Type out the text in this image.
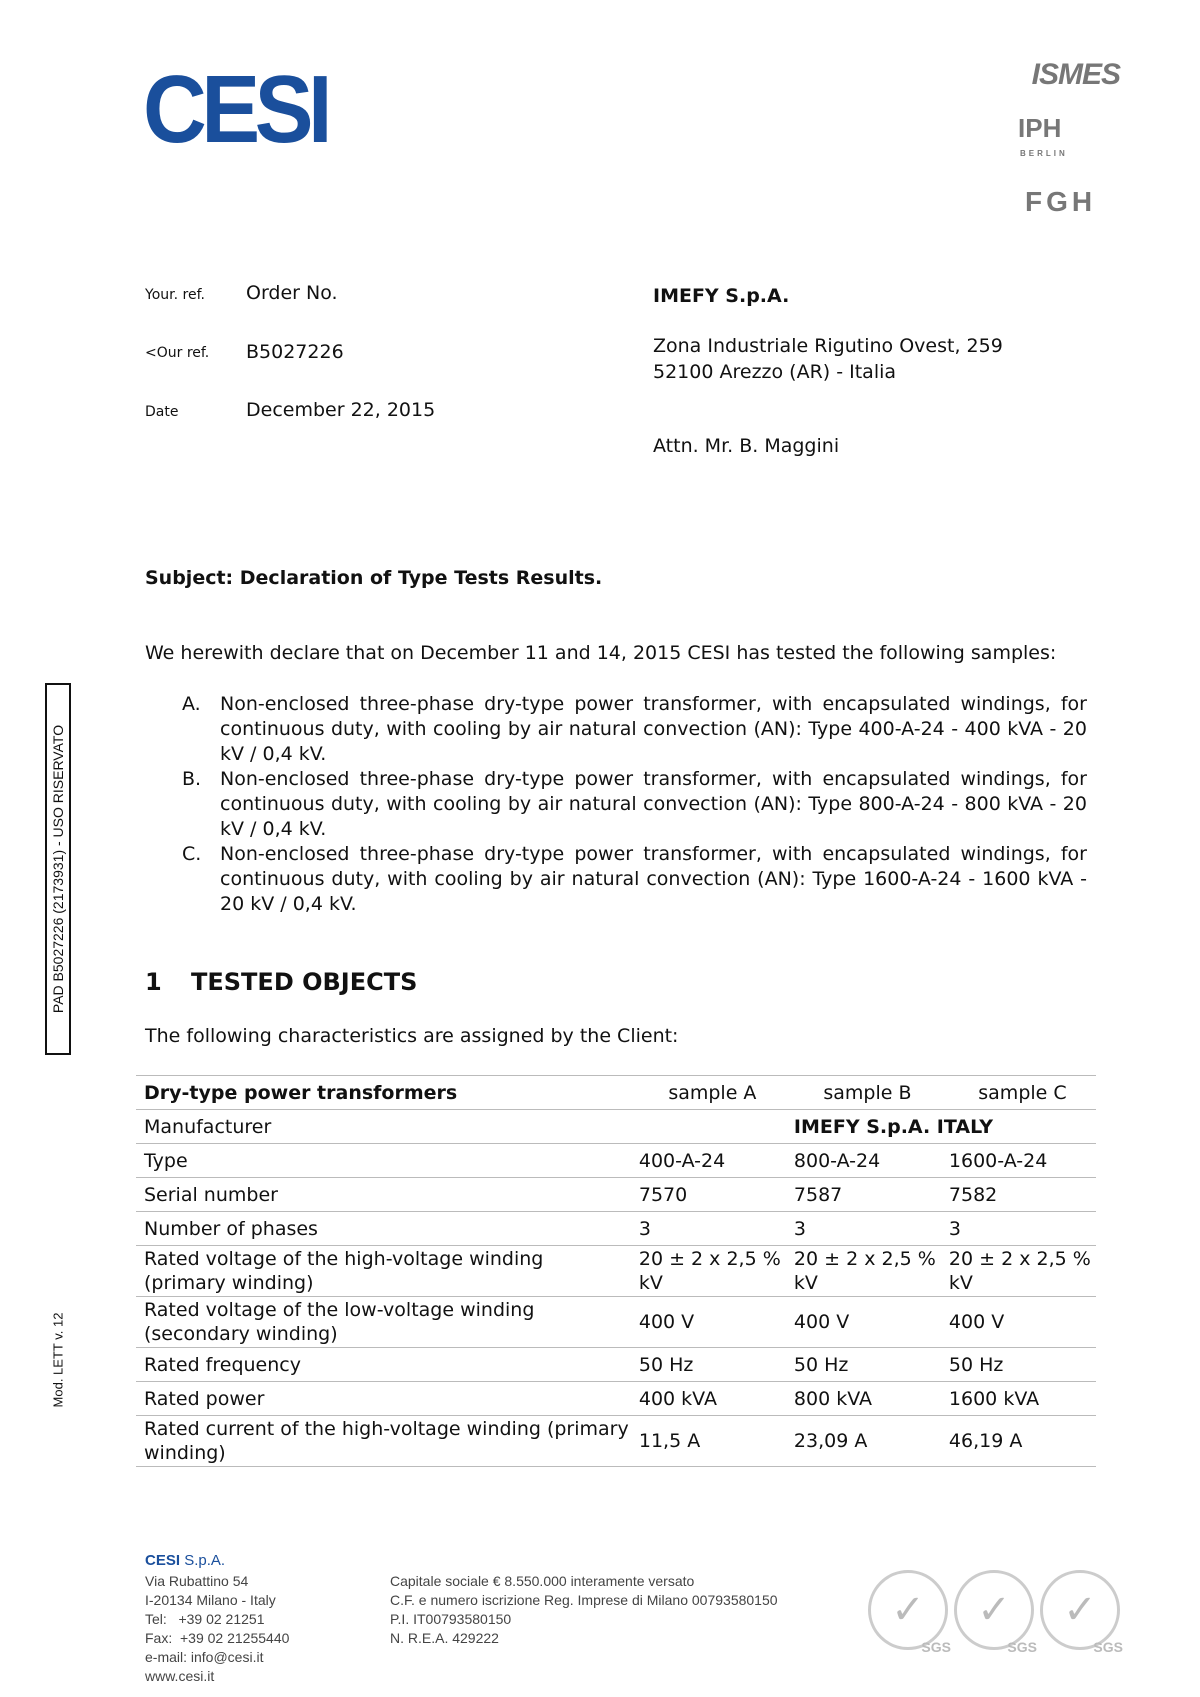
CESI	ISMES
IPH
BERLIN
FGH
PAD B5027226 (2173931) - USO RISERVATO
Mod. LETT v. 12
Your. ref. Order No.
<Our ref. B5027226
Date	December 22, 2015
IMEFY S.p.A.
Zona Industriale Rigutino Ovest, 259
52100 Arezzo (AR) - Italia
Attn. Mr. B. Maggini
Subject: Declaration of Type Tests Results.
We herewith declare that on December 11 and 14, 2015 CESI has tested the following samples:
A. Non-enclosed three-phase dry-type power transformer, with encapsulated windings, for continuous duty, with cooling by air natural convection (AN): Type 400-A-24 - 400 kVA - 20 kV / 0,4 kV.
B. Non-enclosed three-phase dry-type power transformer, with encapsulated windings, for continuous duty, with cooling by air natural convection (AN): Type 800-A-24 - 800 kVA - 20 kV / 0,4 kV.
C. Non-enclosed three-phase dry-type power transformer, with encapsulated windings, for continuous duty, with cooling by air natural convection (AN): Type 1600-A-24 - 1600 kVA - 20 kV / 0,4 kV.
1 TESTED OBJECTS
The following characteristics are assigned by the Client:
Dry-type power transformers	sample A	sample B	sample C
Manufacturer		IMEFY S.p.A. ITALY	
Type	400-A-24	800-A-24	1600-A-24
Serial number	7570	7587	7582
Number of phases	3	3	3
Rated voltage of the high-voltage winding (primary winding)	20 ± 2 x 2,5 % kV	20 ± 2 x 2,5 % kV	20 ± 2 x 2,5 % kV
Rated voltage of the low-voltage winding (secondary winding)	400 V	400 V	400 V
Rated frequency	50 Hz	50 Hz	50 Hz
Rated power	400 kVA	800 kVA	1600 kVA
Rated current of the high-voltage winding (primary winding)	11,5 A	23,09 A	46,19 A
CESI S.p.A.
Via Rubattino 54
I-20134 Milano - Italy
Tel:   +39 02 21251
Fax:  +39 02 21255440
e-mail: info@cesi.it
www.cesi.it
Capitale sociale € 8.550.000 interamente versato
C.F. e numero iscrizione Reg. Imprese di Milano 00793580150
P.I. IT00793580150
N. R.E.A. 429222
✓
SGS
✓
SGS
✓
SGS
